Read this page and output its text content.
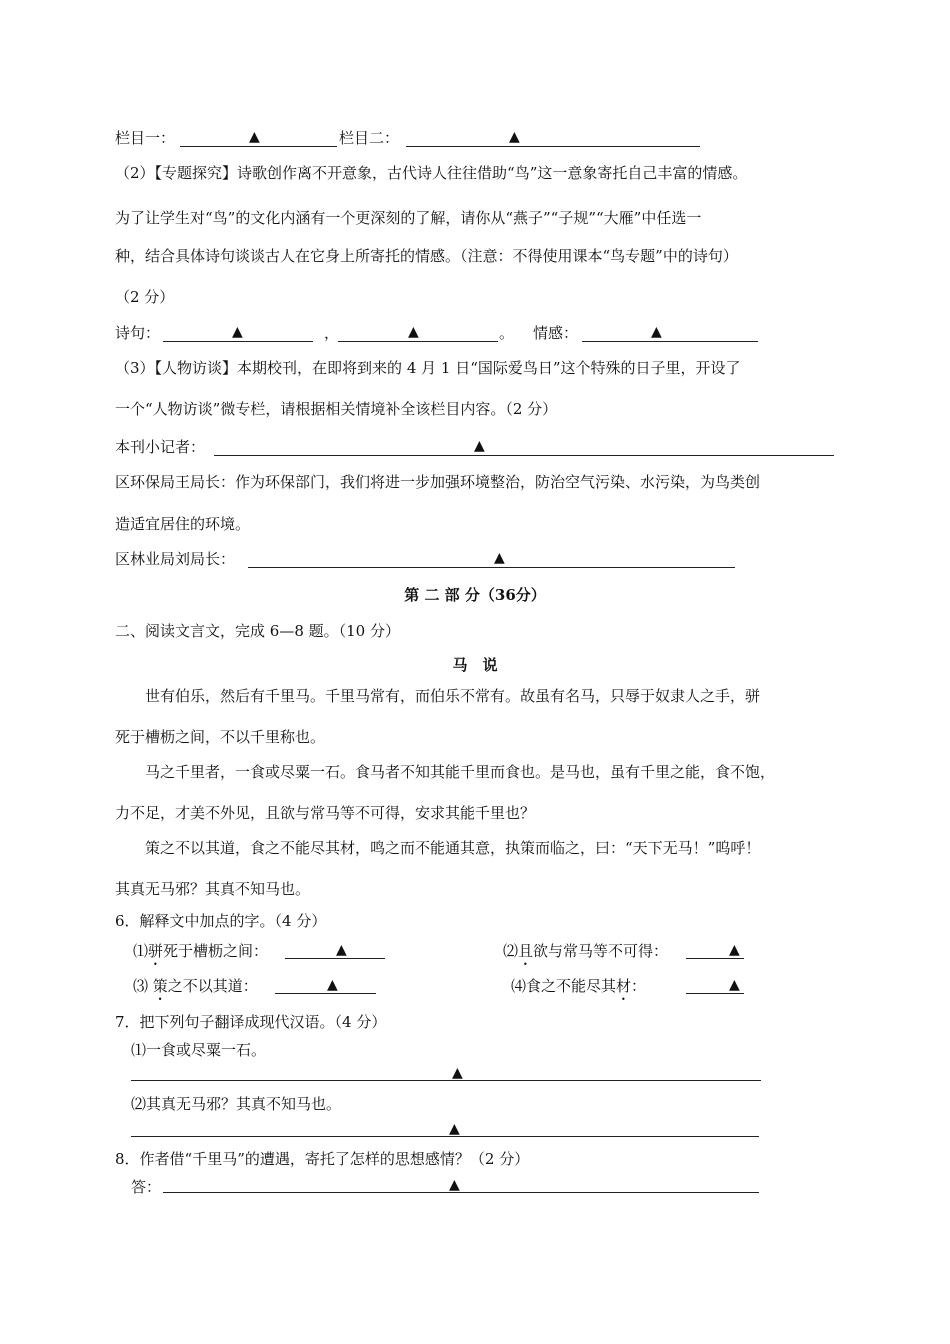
栏目一：	▲	栏目二：	▲
（2）【专题探究】诗歌创作离不开意象，古代诗人往往借助“鸟”这一意象寄托自己丰富的情感。
为了让学生对“鸟”的文化内涵有一个更深刻的了解，请你从“燕子”“子规”“大雁”中任选一
种，结合具体诗句谈谈古人在它身上所寄托的情感。（注意：不得使用课本“鸟专题”中的诗句）
（2 分）
诗句：	▲	，	▲	。 情感：	▲
（3）【人物访谈】本期校刊，在即将到来的 4 月 1 日“国际爱鸟日”这个特殊的日子里，开设了
一个“人物访谈”微专栏，请根据相关情境补全该栏目内容。（2 分）
本刊小记者：	▲
区环保局王局长：作为环保部门，我们将进一步加强环境整治，防治空气污染、水污染，为鸟类创
造适宜居住的环境。
区林业局刘局长：	▲
第 二 部 分（36分）
二、阅读文言文，完成 6—8 题。（10 分）
马　说
世有伯乐，然后有千里马。千里马常有，而伯乐不常有。故虽有名马，只辱于奴隶人之手，骈
死于槽枥之间，不以千里称也。
马之千里者，一食或尽粟一石。食马者不知其能千里而食也。是马也，虽有千里之能，食不饱，
力不足，才美不外见，且欲与常马等不可得，安求其能千里也？
策之不以其道，食之不能尽其材，鸣之而不能通其意，执策而临之，曰：“天下无马！”呜呼！
其真无马邪？其真不知马也。
6．解释文中加点的字。（4 分）
⑴骈死于槽枥之间：	▲	⑵且欲与常马等不可得：	▲
⑶ 策之不以其道：	▲	⑷食之不能尽其材：	▲
7．把下列句子翻译成现代汉语。（4 分）
⑴一食或尽粟一石。
▲
⑵其真无马邪？其真不知马也。
▲
8．作者借“千里马”的遭遇，寄托了怎样的思想感情？（2 分）
答：	▲
